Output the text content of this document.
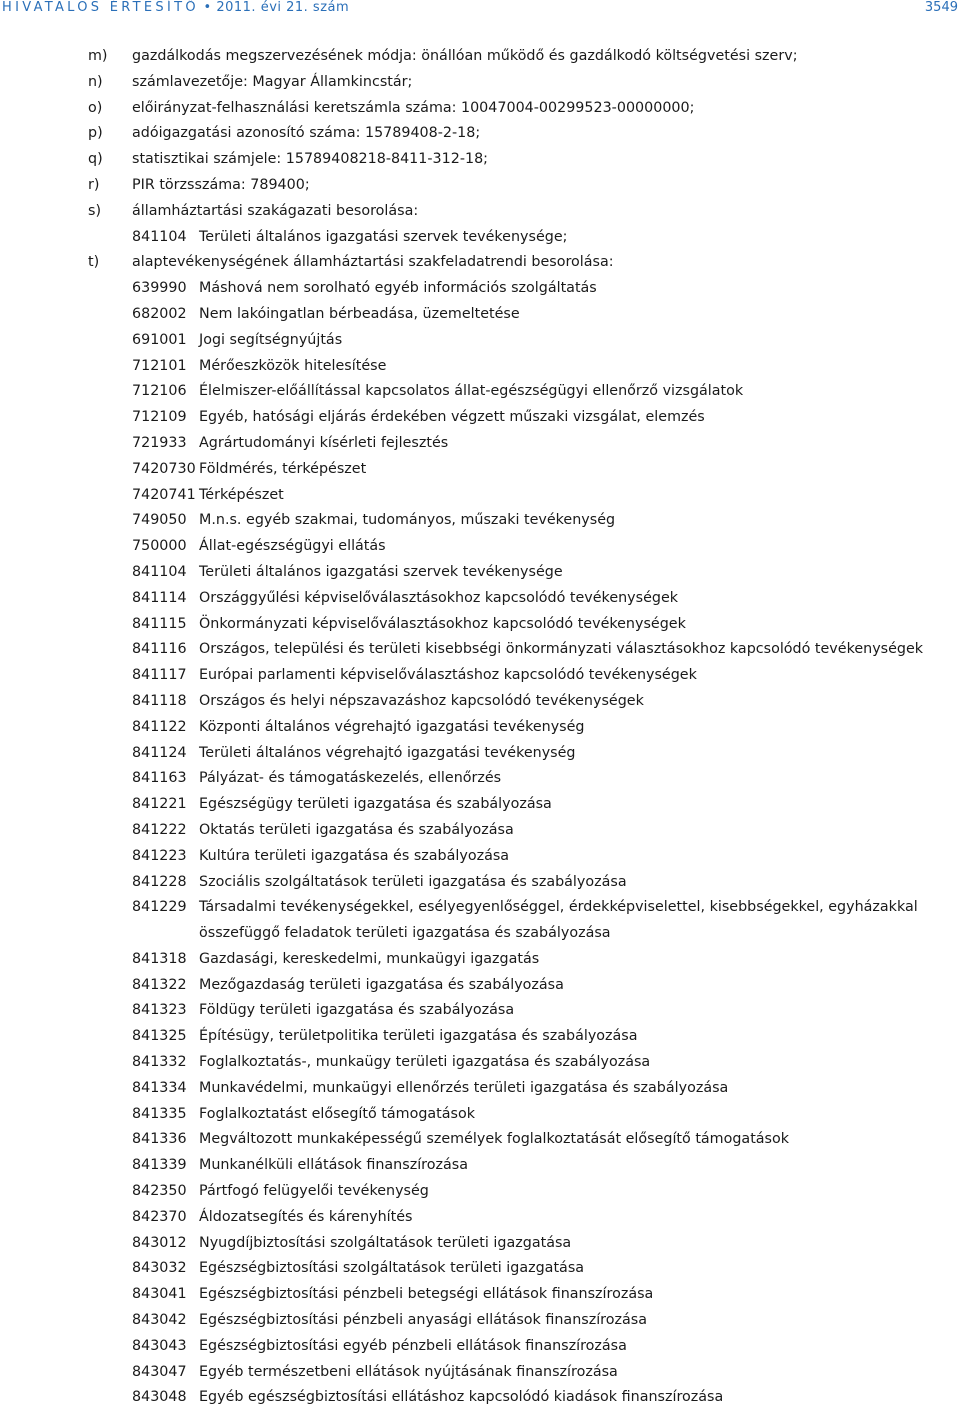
HIVATALOS ÉRTESÍTŐ • 2011. évi 21. szám	3549
m) gazdálkodás megszervezésének módja: önállóan működő és gazdálkodó költségvetési szerv;
n) számlavezetője: Magyar Államkincstár;
o) előirányzat-felhasználási keretszámla száma: 10047004-00299523-00000000;
p) adóigazgatási azonosító száma: 15789408-2-18;
q) statisztikai számjele: 15789408218-8411-312-18;
r) PIR törzsszáma: 789400;
s) államháztartási szakágazati besorolása:
841104 Területi általános igazgatási szervek tevékenysége;
t) alaptevékenységének államháztartási szakfeladatrendi besorolása:
639990 Máshová nem sorolható egyéb információs szolgáltatás
682002 Nem lakóingatlan bérbeadása, üzemeltetése
691001 Jogi segítségnyújtás
712101 Mérőeszközök hitelesítése
712106 Élelmiszer-előállítással kapcsolatos állat-egészségügyi ellenőrző vizsgálatok
712109 Egyéb, hatósági eljárás érdekében végzett műszaki vizsgálat, elemzés
721933 Agrártudományi kísérleti fejlesztés
7420730 Földmérés, térképészet
7420741 Térképészet
749050 M.n.s. egyéb szakmai, tudományos, műszaki tevékenység
750000 Állat-egészségügyi ellátás
841104 Területi általános igazgatási szervek tevékenysége
841114 Országgyűlési képviselőválasztásokhoz kapcsolódó tevékenységek
841115 Önkormányzati képviselőválasztásokhoz kapcsolódó tevékenységek
841116 Országos, települési és területi kisebbségi önkormányzati választásokhoz kapcsolódó tevékenységek
841117 Európai parlamenti képviselőválasztáshoz kapcsolódó tevékenységek
841118 Országos és helyi népszavazáshoz kapcsolódó tevékenységek
841122 Központi általános végrehajtó igazgatási tevékenység
841124 Területi általános végrehajtó igazgatási tevékenység
841163 Pályázat- és támogatáskezelés, ellenőrzés
841221 Egészségügy területi igazgatása és szabályozása
841222 Oktatás területi igazgatása és szabályozása
841223 Kultúra területi igazgatása és szabályozása
841228 Szociális szolgáltatások területi igazgatása és szabályozása
841229 Társadalmi tevékenységekkel, esélyegyenlőséggel, érdekképviselettel, kisebbségekkel, egyházakkal
összefüggő feladatok területi igazgatása és szabályozása
841318 Gazdasági, kereskedelmi, munkaügyi igazgatás
841322 Mezőgazdaság területi igazgatása és szabályozása
841323 Földügy területi igazgatása és szabályozása
841325 Építésügy, területpolitika területi igazgatása és szabályozása
841332 Foglalkoztatás-, munkaügy területi igazgatása és szabályozása
841334 Munkavédelmi, munkaügyi ellenőrzés területi igazgatása és szabályozása
841335 Foglalkoztatást elősegítő támogatások
841336 Megváltozott munkaképességű személyek foglalkoztatását elősegítő támogatások
841339 Munkanélküli ellátások finanszírozása
842350 Pártfogó felügyelői tevékenység
842370 Áldozatsegítés és kárenyhítés
843012 Nyugdíjbiztosítási szolgáltatások területi igazgatása
843032 Egészségbiztosítási szolgáltatások területi igazgatása
843041 Egészségbiztosítási pénzbeli betegségi ellátások finanszírozása
843042 Egészségbiztosítási pénzbeli anyasági ellátások finanszírozása
843043 Egészségbiztosítási egyéb pénzbeli ellátások finanszírozása
843047 Egyéb természetbeni ellátások nyújtásának finanszírozása
843048 Egyéb egészségbiztosítási ellátáshoz kapcsolódó kiadások finanszírozása
